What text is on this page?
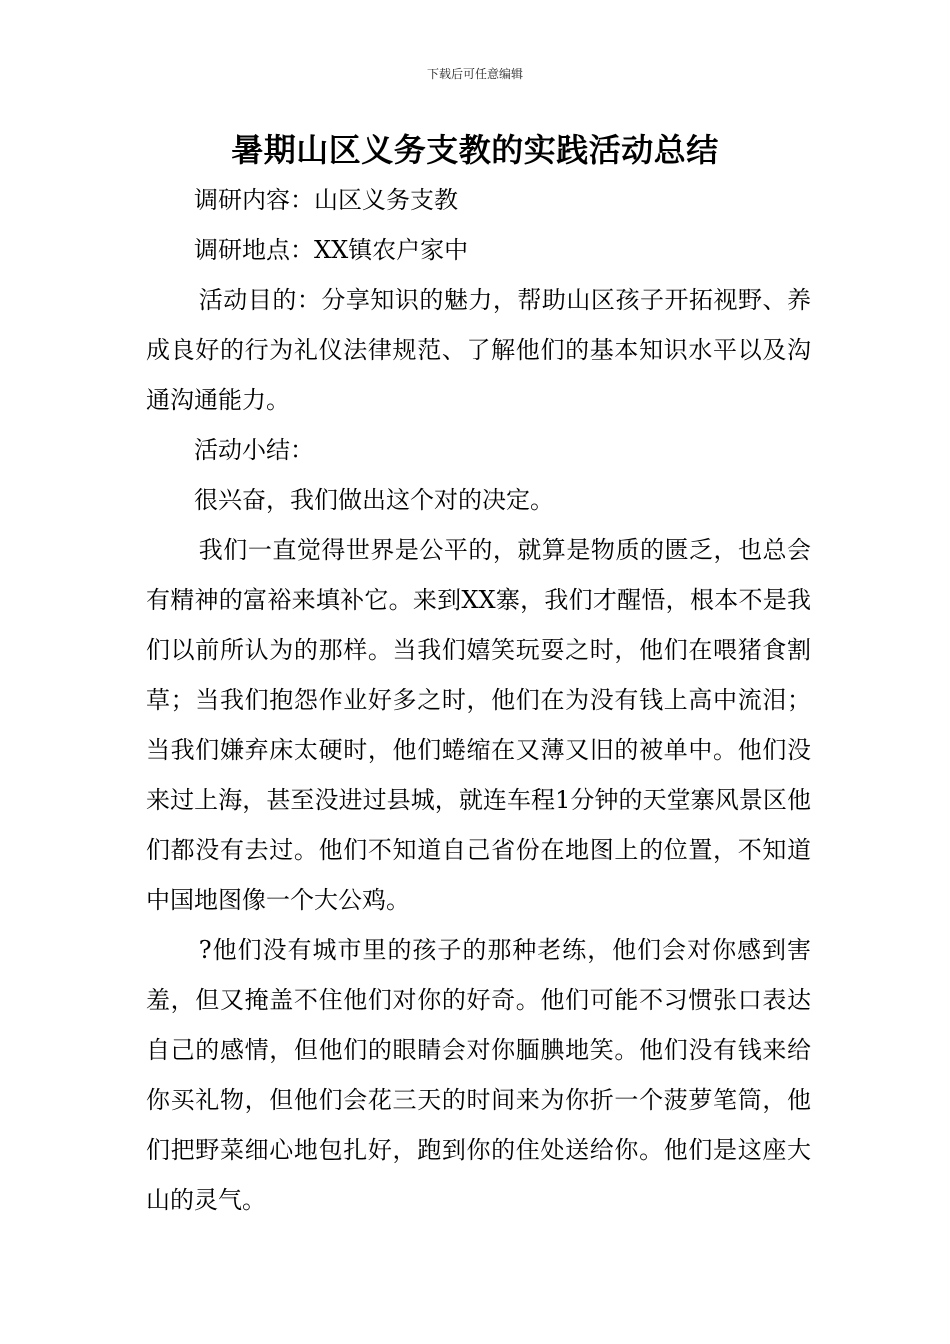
下载后可任意编辑
暑期山区义务支教的实践活动总结

调研内容：山区义务支教

调研地点：XX镇农户家中

活动目的：分享知识的魅力，帮助山区孩子开拓视野、养成良好的行为礼仪法律规范、了解他们的基本知识水平以及沟通沟通能力。

活动小结：

很兴奋，我们做出这个对的决定。

我们一直觉得世界是公平的，就算是物质的匮乏，也总会有精神的富裕来填补它。来到XX寨，我们才醒悟，根本不是我们以前所认为的那样。当我们嬉笑玩耍之时，他们在喂猪食割草；当我们抱怨作业好多之时，他们在为没有钱上高中流泪；当我们嫌弃床太硬时，他们蜷缩在又薄又旧的被单中。他们没来过上海，甚至没进过县城，就连车程1分钟的天堂寨风景区他们都没有去过。他们不知道自己省份在地图上的位置，不知道中国地图像一个大公鸡。

?他们没有城市里的孩子的那种老练，他们会对你感到害羞，但又掩盖不住他们对你的好奇。他们可能不习惯张口表达自己的感情，但他们的眼睛会对你腼腆地笑。他们没有钱来给你买礼物，但他们会花三天的时间来为你折一个菠萝笔筒，他们把野菜细心地包扎好，跑到你的住处送给你。他们是这座大山的灵气。
